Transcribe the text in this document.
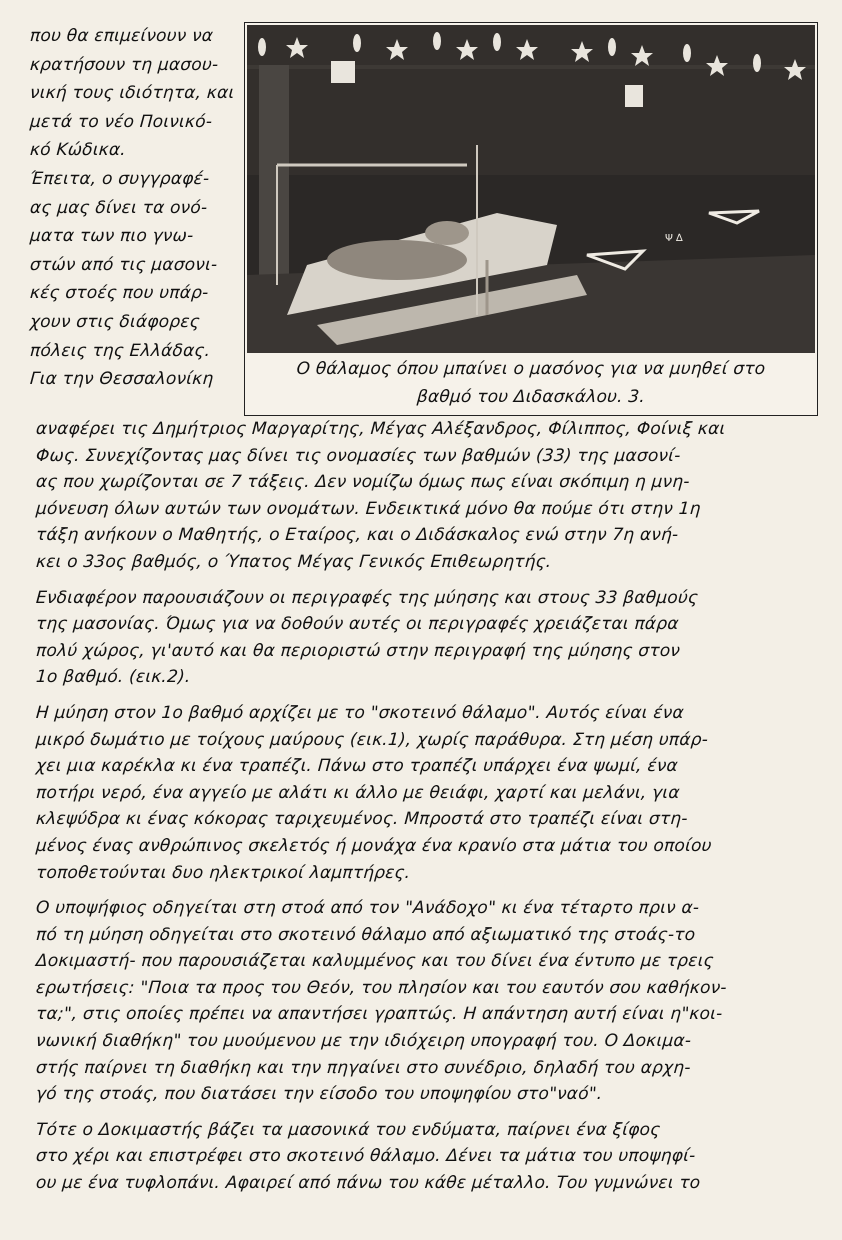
που θα επιμείνουν να
κρατήσουν τη μασου-
νική τους ιδιότητα, και
μετά το νέο Ποινικό-
κό Κώδικα.
Έπειτα, ο συγγραφέ-
ας μας δίνει τα ονό-
ματα των πιο γνω-
στών από τις μασονι-
κές στοές που υπάρ-
χουν στις διάφορες
πόλεις της Ελλάδας.
Για την Θεσσαλονίκη
Ψ ∆
Ο θάλαμος όπου μπαίνει ο μασόνος για να μυηθεί στο
βαθμό του Διδασκάλου. 3.
αναφέρει τις Δημήτριος Μαργαρίτης, Μέγας Αλέξανδρος, Φίλιππος, Φοίνιξ και
Φως. Συνεχίζοντας μας δίνει τις ονομασίες των βαθμών (33) της μασονί-
ας που χωρίζονται σε 7 τάξεις. Δεν νομίζω όμως πως είναι σκόπιμη η μνη-
μόνευση όλων αυτών των ονομάτων. Ενδεικτικά μόνο θα πούμε ότι στην 1η
τάξη ανήκουν ο Μαθητής, ο Εταίρος, και ο Διδάσκαλος ενώ στην 7η ανή-
κει ο 33ος βαθμός, ο Ύπατος Μέγας Γενικός Επιθεωρητής.
Ενδιαφέρον παρουσιάζουν οι περιγραφές της μύησης και στους 33 βαθμούς
της μασονίας. Όμως για να δοθούν αυτές οι περιγραφές χρειάζεται πάρα
πολύ χώρος, γι'αυτό και θα περιοριστώ στην περιγραφή της μύησης στον
1ο βαθμό. (εικ.2).
Η μύηση στον 1ο βαθμό αρχίζει με το "σκοτεινό θάλαμο". Αυτός είναι ένα
μικρό δωμάτιο με τοίχους μαύρους (εικ.1), χωρίς παράθυρα. Στη μέση υπάρ-
χει μια καρέκλα κι ένα τραπέζι. Πάνω στο τραπέζι υπάρχει ένα ψωμί, ένα
ποτήρι νερό, ένα αγγείο με αλάτι κι άλλο με θειάφι, χαρτί και μελάνι, για
κλεψύδρα κι ένας κόκορας ταριχευμένος. Μπροστά στο τραπέζι είναι στη-
μένος ένας ανθρώπινος σκελετός ή μονάχα ένα κρανίο στα μάτια του οποίου
τοποθετούνται δυο ηλεκτρικοί λαμπτήρες.
Ο υποψήφιος οδηγείται στη στοά από τον "Ανάδοχο" κι ένα τέταρτο πριν α-
πό τη μύηση οδηγείται στο σκοτεινό θάλαμο από αξιωματικό της στοάς-το
Δοκιμαστή- που παρουσιάζεται καλυμμένος και του δίνει ένα έντυπο με τρεις
ερωτήσεις: "Ποια τα προς του Θεόν, του πλησίον και του εαυτόν σου καθήκον-
τα;", στις οποίες πρέπει να απαντήσει γραπτώς. Η απάντηση αυτή είναι η"κοι-
νωνική διαθήκη" του μυούμενου με την ιδιόχειρη υπογραφή του. Ο Δοκιμα-
στής παίρνει τη διαθήκη και την πηγαίνει στο συνέδριο, δηλαδή του αρχη-
γό της στοάς, που διατάσει την είσοδο του υποψηφίου στο"ναό".
Τότε ο Δοκιμαστής βάζει τα μασονικά του ενδύματα, παίρνει ένα ξίφος
στο χέρι και επιστρέφει στο σκοτεινό θάλαμο. Δένει τα μάτια του υποψηφί-
ου με ένα τυφλοπάνι. Αφαιρεί από πάνω του κάθε μέταλλο. Του γυμνώνει το
